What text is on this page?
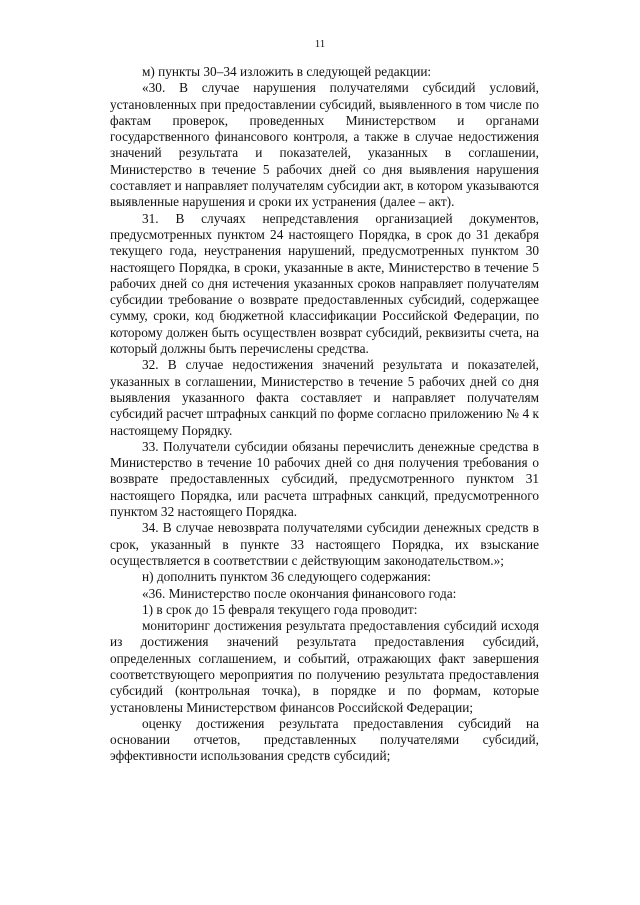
11

м) пункты 30–34 изложить в следующей редакции:

«30. В случае нарушения получателями субсидий условий, установленных при предоставлении субсидий, выявленного в том числе по фактам проверок, проведенных Министерством и органами государственного финансового контроля, а также в случае недостижения значений результата и показателей, указанных в соглашении, Министерство в течение 5 рабочих дней со дня выявления нарушения составляет и направляет получателям субсидии акт, в котором указываются выявленные нарушения и сроки их устранения (далее – акт).

31. В случаях непредставления организацией документов, предусмотренных пунктом 24 настоящего Порядка, в срок до 31 декабря текущего года, неустранения нарушений, предусмотренных пунктом 30 настоящего Порядка, в сроки, указанные в акте, Министерство в течение 5 рабочих дней со дня истечения указанных сроков направляет получателям субсидии требование о возврате предоставленных субсидий, содержащее сумму, сроки, код бюджетной классификации Российской Федерации, по которому должен быть осуществлен возврат субсидий, реквизиты счета, на который должны быть перечислены средства.

32. В случае недостижения значений результата и показателей, указанных в соглашении, Министерство в течение 5 рабочих дней со дня выявления указанного факта составляет и направляет получателям субсидий расчет штрафных санкций по форме согласно приложению № 4 к настоящему Порядку.

33. Получатели субсидии обязаны перечислить денежные средства в Министерство в течение 10 рабочих дней со дня получения требования о возврате предоставленных субсидий, предусмотренного пунктом 31 настоящего Порядка, или расчета штрафных санкций, предусмотренного пунктом 32 настоящего Порядка.

34. В случае невозврата получателями субсидии денежных средств в срок, указанный в пункте 33 настоящего Порядка, их взыскание осуществляется в соответствии с действующим законодательством.»;

н) дополнить пунктом 36 следующего содержания:

«36. Министерство после окончания финансового года:

1) в срок до 15 февраля текущего года проводит:

мониторинг достижения результата предоставления субсидий исходя из достижения значений результата предоставления субсидий, определенных соглашением, и событий, отражающих факт завершения соответствующего мероприятия по получению результата предоставления субсидий (контрольная точка), в порядке и по формам, которые установлены Министерством финансов Российской Федерации;

оценку достижения результата предоставления субсидий на основании отчетов, представленных получателями субсидий, эффективности использования средств субсидий;
